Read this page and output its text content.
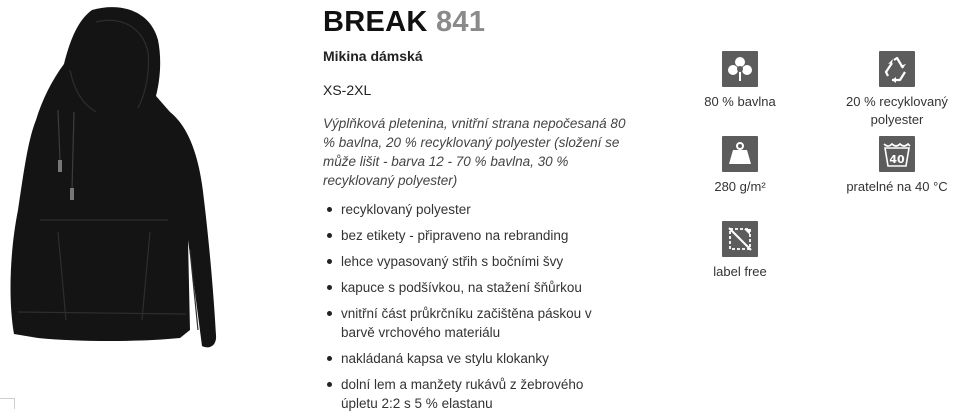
BREAK 841
Mikina dámská
XS-2XL
Výplňková pletenina, vnitřní strana nepočesaná 80 % bavlna, 20 % recyklovaný polyester (složení se může lišit - barva 12 - 70 % bavlna, 30 % recyklovaný polyester)
recyklovaný polyester
bez etikety - připraveno na rebranding
lehce vypasovaný střih s bočními švy
kapuce s podšívkou, na stažení šňůrkou
vnitřní část průkrčníku začištěna páskou v barvě vrchového materiálu
nakládaná kapsa ve stylu klokanky
dolní lem a manžety rukávů z žebrového úpletu 2:2 s 5 % elastanu
80 % bavlna	20 % recyklovaný polyester
280 g/m²
40
pratelné na 40 °C
label free
